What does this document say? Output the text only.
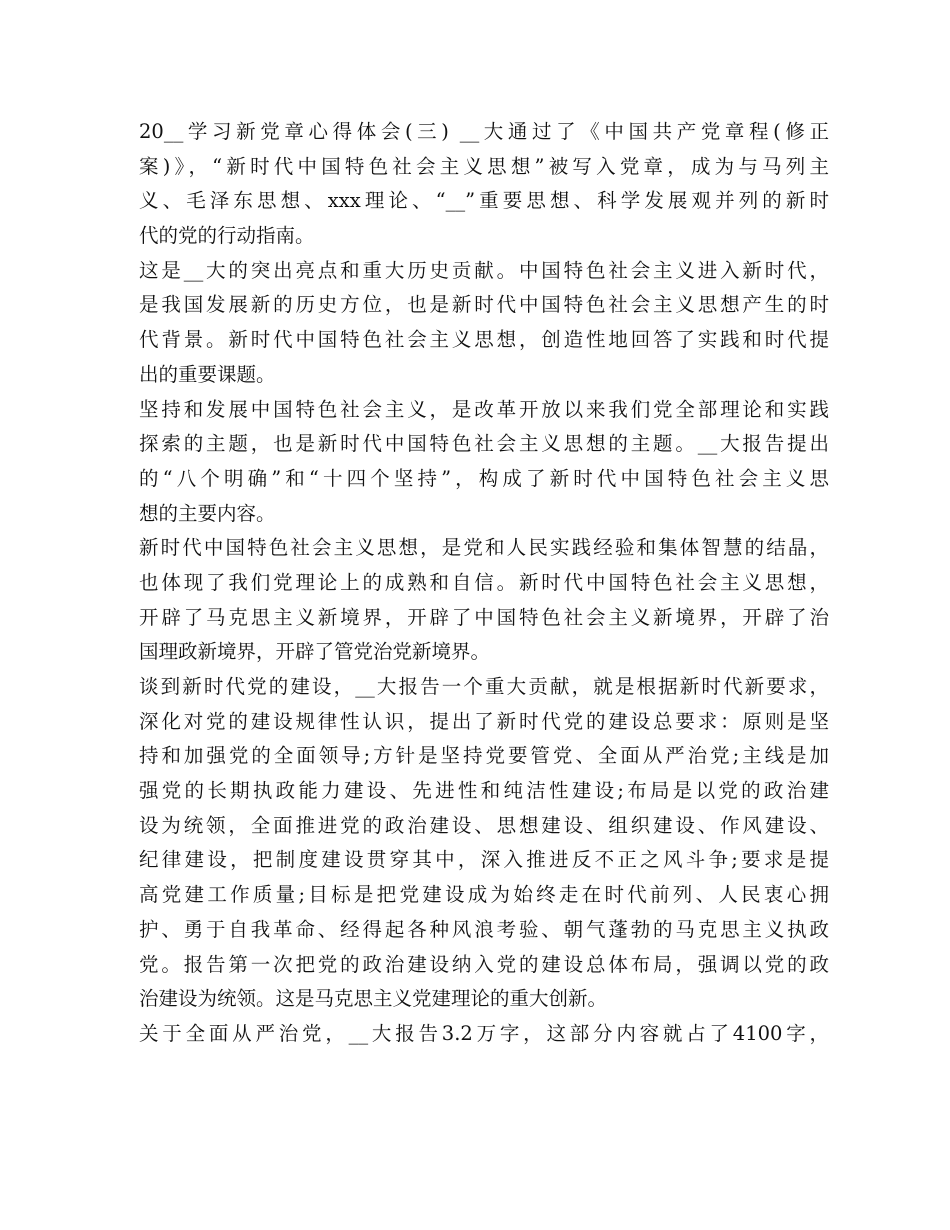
20__学习新党章心得体会(三) __大通过了《中国共产党章程(修正
案)》，“新时代中国特色社会主义思想”被写入党章，成为与马列主
义、毛泽东思想、xxx理论、“__”重要思想、科学发展观并列的新时
代的党的行动指南。
这是__大的突出亮点和重大历史贡献。中国特色社会主义进入新时代，
是我国发展新的历史方位，也是新时代中国特色社会主义思想产生的时
代背景。新时代中国特色社会主义思想，创造性地回答了实践和时代提
出的重要课题。
坚持和发展中国特色社会主义，是改革开放以来我们党全部理论和实践
探索的主题，也是新时代中国特色社会主义思想的主题。__大报告提出
的“八个明确”和“十四个坚持”，构成了新时代中国特色社会主义思
想的主要内容。
新时代中国特色社会主义思想，是党和人民实践经验和集体智慧的结晶，
也体现了我们党理论上的成熟和自信。新时代中国特色社会主义思想，
开辟了马克思主义新境界，开辟了中国特色社会主义新境界，开辟了治
国理政新境界，开辟了管党治党新境界。
谈到新时代党的建设，__大报告一个重大贡献，就是根据新时代新要求，
深化对党的建设规律性认识，提出了新时代党的建设总要求：原则是坚
持和加强党的全面领导;方针是坚持党要管党、全面从严治党;主线是加
强党的长期执政能力建设、先进性和纯洁性建设;布局是以党的政治建
设为统领，全面推进党的政治建设、思想建设、组织建设、作风建设、
纪律建设，把制度建设贯穿其中，深入推进反不正之风斗争;要求是提
高党建工作质量;目标是把党建设成为始终走在时代前列、人民衷心拥
护、勇于自我革命、经得起各种风浪考验、朝气蓬勃的马克思主义执政
党。报告第一次把党的政治建设纳入党的建设总体布局，强调以党的政
治建设为统领。这是马克思主义党建理论的重大创新。
关于全面从严治党，__大报告3.2万字，这部分内容就占了4100字，
